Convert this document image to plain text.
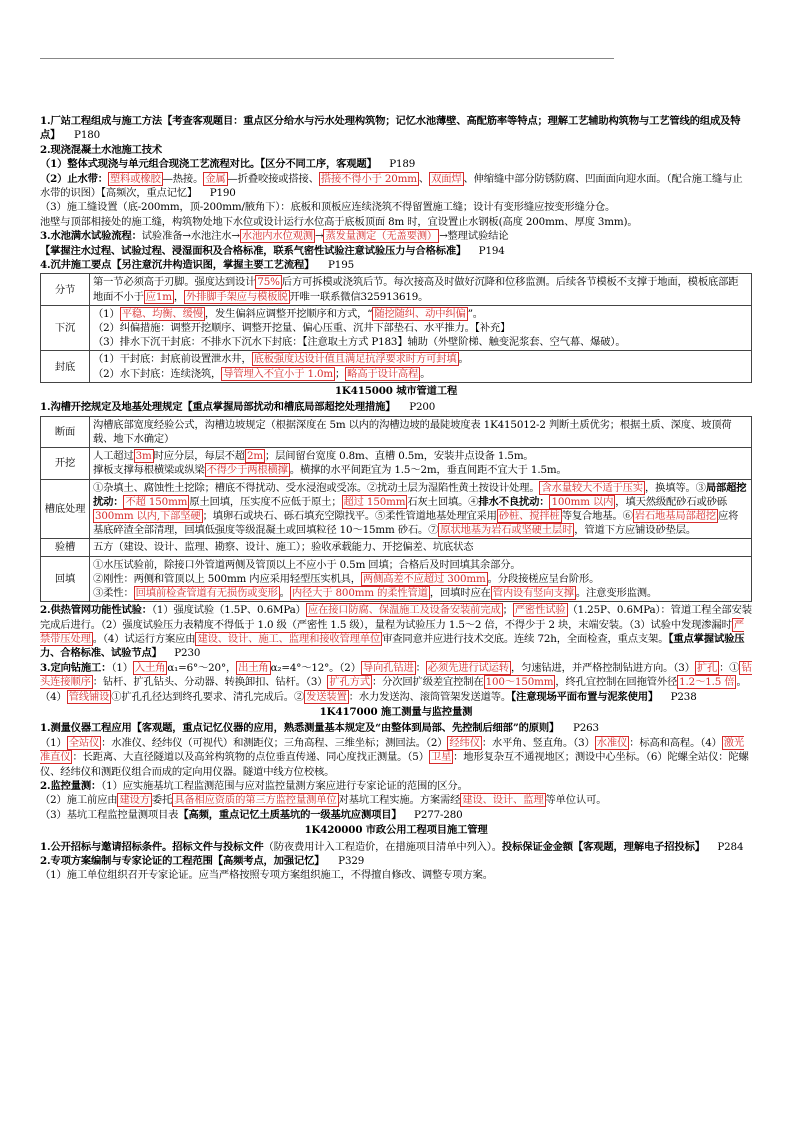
1.厂站工程组成与施工方法【考查客观题目：重点区分给水与污水处理构筑物；记忆水池薄壁、高配筋率等特点；理解工艺辅助构筑物与工艺管线的组成及特点】 P180

2.现浇混凝土水池施工技术

（1）整体式现浇与单元组合现浇工艺流程对比。【区分不同工序，客观题】 P189

（2）止水带： 塑料或橡胶 —热接。 金属 —折叠咬接或搭接、 搭接不得小于 20mm 、 双面焊 、伸缩缝中部分防锈防腐、凹面面向迎水面。（配合施工缝与止水带的识图）【高频次，重点记忆】 P190

（3）施工缝设置（底-200mm，顶-200mm/腋角下）：底板和顶板应连续浇筑不得留置施工缝；设计有变形缝应按变形缝分仓。

池壁与顶部相接处的施工缝，构筑物处地下水位或设计运行水位高于底板顶面 8m 时，宜设置止水钢板(高度 200mm、厚度 3mm)。

3.水池满水试验流程：试验准备→水池注水→ 水池内水位观测 → 蒸发量测定（无盖要测） →整理试验结论

【掌握注水过程、试验过程、浸湿面积及合格标准，联系气密性试验注意试验压力与合格标准】 P194

4.沉井施工要点【另注意沉井构造识图，掌握主要工艺流程】 P195

分节	第一节必须高于刃脚。强度达到设计 75% 后方可拆模或浇筑后节。每次接高及时做好沉降和位移监测。后续各节模板不支撑于地面，模板底部距地面不小于 应1m ， 外排脚手架应与模板脱 开唯一联系微信325913619。
下沉	（1） 平稳、均衡、缓慢 ，发生偏斜应调整开挖顺序和方式，“ 随挖随纠、动中纠偏 ”。
（2）纠偏措施：调整开挖顺序、调整开挖量、偏心压重、沉井下部垫石、水平推力。【补充】
（3）排水下沉干封底：不排水下沉水下封底：【注意取土方式 P183】辅助（外壁阶梯、触变泥浆套、空气幕、爆破）。
封底	（1）干封底：封底前设置泄水井， 底板强度达设计值且满足抗浮要求时方可封填 。
（2）水下封底：连续浇筑， 导管埋入不宜小于 1.0m ； 略高于设计高程 。

1K415000 城市管道工程

1.沟槽开挖规定及地基处理规定【重点掌握局部扰动和槽底局部超挖处理措施】 P200

断面	沟槽底部宽度经验公式，沟槽边坡规定（根据深度在 5m 以内的沟槽边坡的最陡坡度表 1K415012-2 判断土质优劣；根据土质、深度、坡顶荷载、地下水确定）
开挖	人工超过 3m 时应分层，每层不超 2m ；层间留台宽度 0.8m、直槽 0.5m，安装井点设备 1.5m。
撑板支撑每根横梁或纵梁 不得少于两根横撑 。横撑的水平间距宜为 1.5～2m，垂直间距不宜大于 1.5m。
槽底处理	①杂填土、腐蚀性土挖除；槽底不得扰动、受水浸泡或受冻。②扰动土层为湿陷性黄土按设计处理。 含水量较大不适于压实 ，换填等。③局部超挖扰动： 不超 150mm 原土回填，压实度不应低于原土； 超过 150mm 石灰土回填。④排水不良扰动： 100mm 以内 ，填天然级配砂石或砂砾300mm 以内,下部坚硬 ；填卵石或块石、砾石填充空隙找平。⑤柔性管道地基处理宜采用 砂桩、搅拌桩 等复合地基。⑥ 岩石地基局部超挖 应将基底碎渣全部清理，回填低强度等级混凝土或回填粒径 10～15mm 砂石。⑦ 原状地基为岩石或坚硬土层时 ，管道下方应铺设砂垫层。
验槽	五方（建设、设计、监理、勘察、设计、施工）；验收承载能力、开挖偏差、坑底状态
回填	①水压试验前，除接口外管道两侧及管顶以上不应小于 0.5m 回填；合格后及时回填其余部分。
②刚性：两侧和管顶以上 500mm 内应采用轻型压实机具， 两侧高差不应超过 300mm 。分段接槎应呈台阶形。
③柔性： 回填前检查管道有无损伤或变形 。 内径大于 800mm 的柔性管道 ，回填时应在 管内设有竖向支撑 。注意变形监测。

2.供热管网功能性试验：（1）强度试验（1.5P、0.6MPa） 应在接口防腐、保温施工及设备安装前完成 ； 严密性试验 （1.25P、0.6MPa）：管道工程全部安装完成后进行。（2）强度试验压力表精度不得低于 1.0 级（严密性 1.5 级），量程为试验压力 1.5～2 倍，不得少于 2 块，末端安装。（3）试验中发现渗漏时 严禁带压处理 。（4）试运行方案应由 建设、设计、施工、监理和接收管理单位 审查同意并应进行技术交底。连续 72h，全面检查，重点支架。【重点掌握试验压力、合格标准、试验节点】 P230

3.定向钻施工：（1） 入土角 α₁=6°～20°， 出土角 α₂=4°～12°。（2） 导向孔钻进 ： 必须先进行试运转 ，匀速钻进，并严格控制钻进方向。（3） 扩孔 ：① 钻头连接顺序 ：钻杆、扩孔钻头、分动器、转换卸扣、钻杆。（3） 扩孔方式 ：分次回扩级差宜控制在 100～150mm ，终孔宜控制在回拖管外径 1.2～1.5 倍 。（4） 管线铺设 ①扩孔孔径达到终孔要求、清孔完成后。② 发送装置 ：水力发送沟、滚筒管架发送道等。【注意现场平面布置与泥浆使用】 P238

1K417000 施工测量与监控量测

1.测量仪器工程应用【客观题，重点记忆仪器的应用，熟悉测量基本规定及“由整体到局部、先控制后细部”的原则】 P263

（1） 全站仪 ：水准仪、经纬仪（可视代）和测距仪；三角高程、三维坐标；测回法。（2） 经纬仪 ：水平角、竖直角。（3） 水准仪 ：标高和高程。（4） 激光准直仪 ：长距离、大直径隧道以及高耸构筑物的点位垂直传递、同心度找正测量。（5） 卫星 ：地形复杂互不通视地区；测设中心坐标。（6）陀螺全站仪：陀螺仪、经纬仪和测距仪组合而成的定向用仪器。隧道中线方位校核。

2.监控量测：（1）应实施基坑工程监测范围与应对监控量测方案应进行专家论证的范围的区分。

（2）施工前应由 建设方 委托 具备相应资质的第三方监控量测单位 对基坑工程实施。方案需经 建设、设计、监理 等单位认可。

（3）基坑工程监控量测项目表【高频，重点记忆土质基坑的一级基坑应测项目】 P277-280

1K420000 市政公用工程项目施工管理

1.公开招标与邀请招标条件。招标文件与投标文件（防夜费用计入工程造价，在措施项目清单中列入）。投标保证金金额【客观题，理解电子招投标】 P284

2.专项方案编制与专家论证的工程范围【高频考点，加强记忆】 P329

（1）施工单位组织召开专家论证。应当严格按照专项方案组织施工，不得擅自修改、调整专项方案。
